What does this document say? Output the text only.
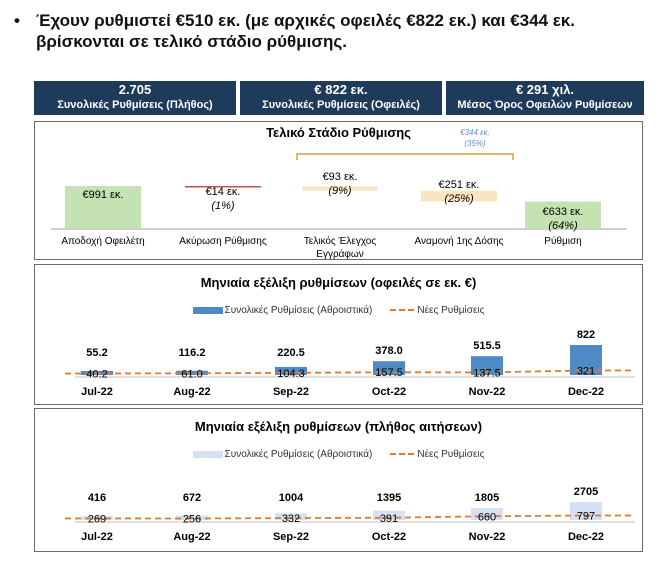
• Έχουν ρυθμιστεί €510 εκ. (με αρχικές οφειλές €822 εκ.) και €344 εκ. βρίσκονται σε τελικό στάδιο ρύθμισης.
2.705
Συνολικές Ρυθμίσεις (Πλήθος)
€ 822 εκ.
Συνολικές Ρυθμίσεις (Οφειλές)
€ 291 χιλ.
Μέσος Όρος Οφειλών Ρυθμίσεων
Τελικό Στάδιο Ρύθμισης
€991 εκ.	€14 εκ.
(1%)
€93 εκ.
(9%)	€251 εκ.
(25%)
€633 εκ.
(64%)
Αποδοχή Οφειλέτη	Ακύρωση Ρύθμισης	Τελικός Έλεγχος
Εγγράφων
Αναμονή 1ης Δόσης	Ρύθμιση
€344 εκ.
(35%)
Μηνιαία εξέλιξη ρυθμίσεων (οφειλές σε εκ. €)
Συνολικές Ρυθμίσεις (Αθροιστικά)	Νέες Ρυθμίσεις
55.2
Jul-22
116.2
Aug-22
220.5
Sep-22
378.0
Oct-22
515.5
Nov-22
822
Dec-22
40.2	61.0	104.3	157.5	137.5	321
Μηνιαία εξέλιξη ρυθμίσεων (πλήθος αιτήσεων)
Συνολικές Ρυθμίσεις (Αθροιστικά)	Νέες Ρυθμίσεις
416
Jul-22
672
Aug-22
1004
Sep-22
1395
Oct-22
1805
Nov-22
2705
Dec-22
269	256	332	391	660	797
